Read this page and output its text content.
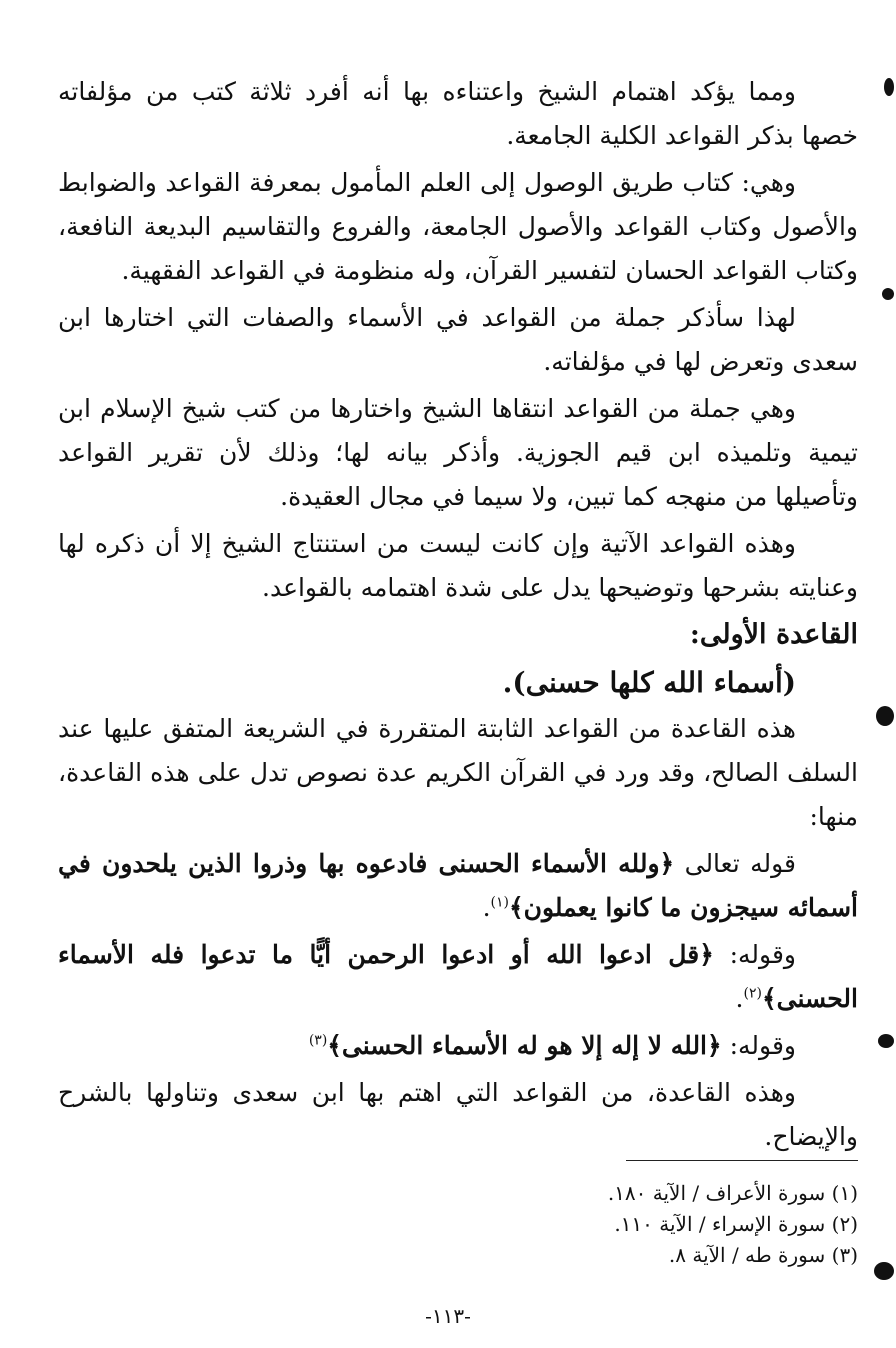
ومما يؤكد اهتمام الشيخ واعتناءه بها أنه أفرد ثلاثة كتب من مؤلفاته خصها بذكر القواعد الكلية الجامعة.

وهي: كتاب طريق الوصول إلى العلم المأمول بمعرفة القواعد والضوابط والأصول وكتاب القواعد والأصول الجامعة، والفروع والتقاسيم البديعة النافعة، وكتاب القواعد الحسان لتفسير القرآن، وله منظومة في القواعد الفقهية.

لهذا سأذكر جملة من القواعد في الأسماء والصفات التي اختارها ابن سعدى وتعرض لها في مؤلفاته.

وهي جملة من القواعد انتقاها الشيخ واختارها من كتب شيخ الإسلام ابن تيمية وتلميذه ابن قيم الجوزية. وأذكر بيانه لها؛ وذلك لأن تقرير القواعد وتأصيلها من منهجه كما تبين، ولا سيما في مجال العقيدة.

وهذه القواعد الآتية وإن كانت ليست من استنتاج الشيخ إلا أن ذكره لها وعنايته بشرحها وتوضيحها يدل على شدة اهتمامه بالقواعد.

القاعدة الأولى:

(أسماء الله كلها حسنى).

هذه القاعدة من القواعد الثابتة المتقررة في الشريعة المتفق عليها عند السلف الصالح، وقد ورد في القرآن الكريم عدة نصوص تدل على هذه القاعدة، منها:

قوله تعالى ﴿ولله الأسماء الحسنى فادعوه بها وذروا الذين يلحدون في أسمائه سيجزون ما كانوا يعملون﴾$^{(١)}$.

وقوله: ﴿قل ادعوا الله أو ادعوا الرحمن أيًّا ما تدعوا فله الأسماء الحسنى﴾$^{(٢)}$.

وقوله: ﴿الله لا إله إلا هو له الأسماء الحسنى﴾$^{(٣)}$

وهذه القاعدة، من القواعد التي اهتم بها ابن سعدى وتناولها بالشرح والإيضاح.

(١) سورة الأعراف / الآية ١٨٠.

(٢) سورة الإسراء / الآية ١١٠.

(٣) سورة طه / الآية ٨.

-١١٣-
